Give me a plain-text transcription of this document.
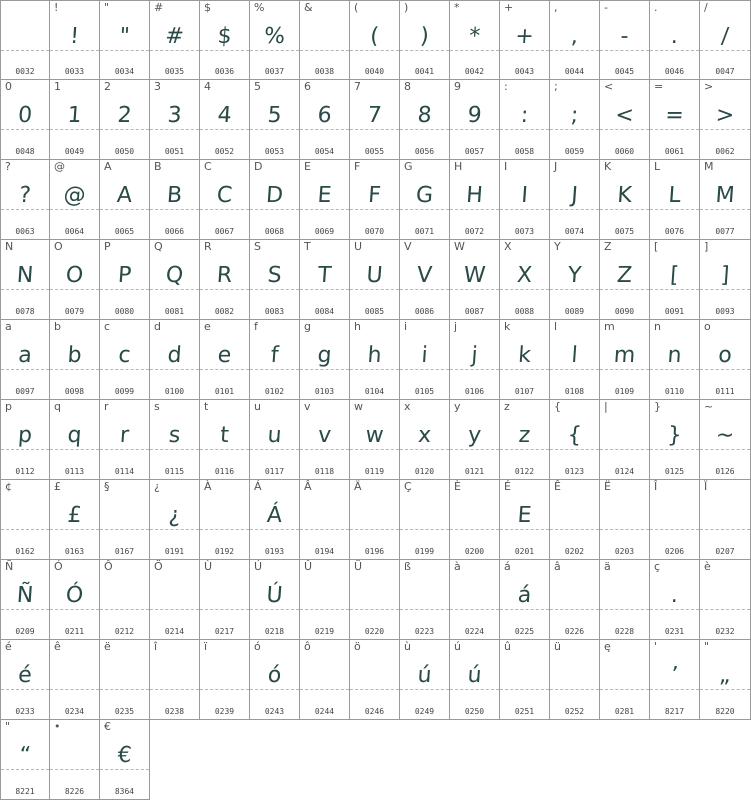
0032
!
!
0033
"
"
0034
#
#
0035
$
$
0036
%
%
0037
&
0038
(
(
0040
)
)
0041
*
*
0042
+
+
0043
,
,
0044
-
-
0045
.
.
0046
/
/
0047
0
0
0048
1
1
0049
2
2
0050
3
3
0051
4
4
0052
5
5
0053
6
6
0054
7
7
0055
8
8
0056
9
9
0057
:
:
0058
;
;
0059
<
<
0060
=
=
0061
>
>
0062
?
?
0063
@
@
0064
A
A
0065
B
B
0066
C
C
0067
D
D
0068
E
E
0069
F
F
0070
G
G
0071
H
H
0072
I
I
0073
J
J
0074
K
K
0075
L
L
0076
M
M
0077
N
N
0078
O
O
0079
P
P
0080
Q
Q
0081
R
R
0082
S
S
0083
T
T
0084
U
U
0085
V
V
0086
W
W
0087
X
X
0088
Y
Y
0089
Z
Z
0090
[
[
0091
]
]
0093
a
a
0097
b
b
0098
c
c
0099
d
d
0100
e
e
0101
f
f
0102
g
g
0103
h
h
0104
i
i
0105
j
j
0106
k
k
0107
l
l
0108
m
m
0109
n
n
0110
o
o
0111
p
p
0112
q
q
0113
r
r
0114
s
s
0115
t
t
0116
u
u
0117
v
v
0118
w
w
0119
x
x
0120
y
y
0121
z
z
0122
{
{
0123
|
0124
}
}
0125
~
~
0126
¢
0162
£
£
0163
§
0167
¿
¿
0191
À
0192
Á
Á
0193
Â
0194
Ä
0196
Ç
0199
È
0200
É
E
0201
Ê
0202
Ë
0203
Î
0206
Ï
0207
Ñ
Ñ
0209
Ó
Ó
0211
Ô
0212
Ö
0214
Ù
0217
Ú
Ú
0218
Û
0219
Ü
0220
ß
0223
à
0224
á
á
0225
â
0226
ä
0228
ç
.
0231
è
0232
é
é
0233
ê
0234
ë
0235
î
0238
ï
0239
ó
ó
0243
ô
0244
ö
0246
ù
ú
0249
ú
ú
0250
û
0251
ü
0252
ę
0281
'
’
8217
"
„
8220
"
“
8221
•
8226
€
€
8364
